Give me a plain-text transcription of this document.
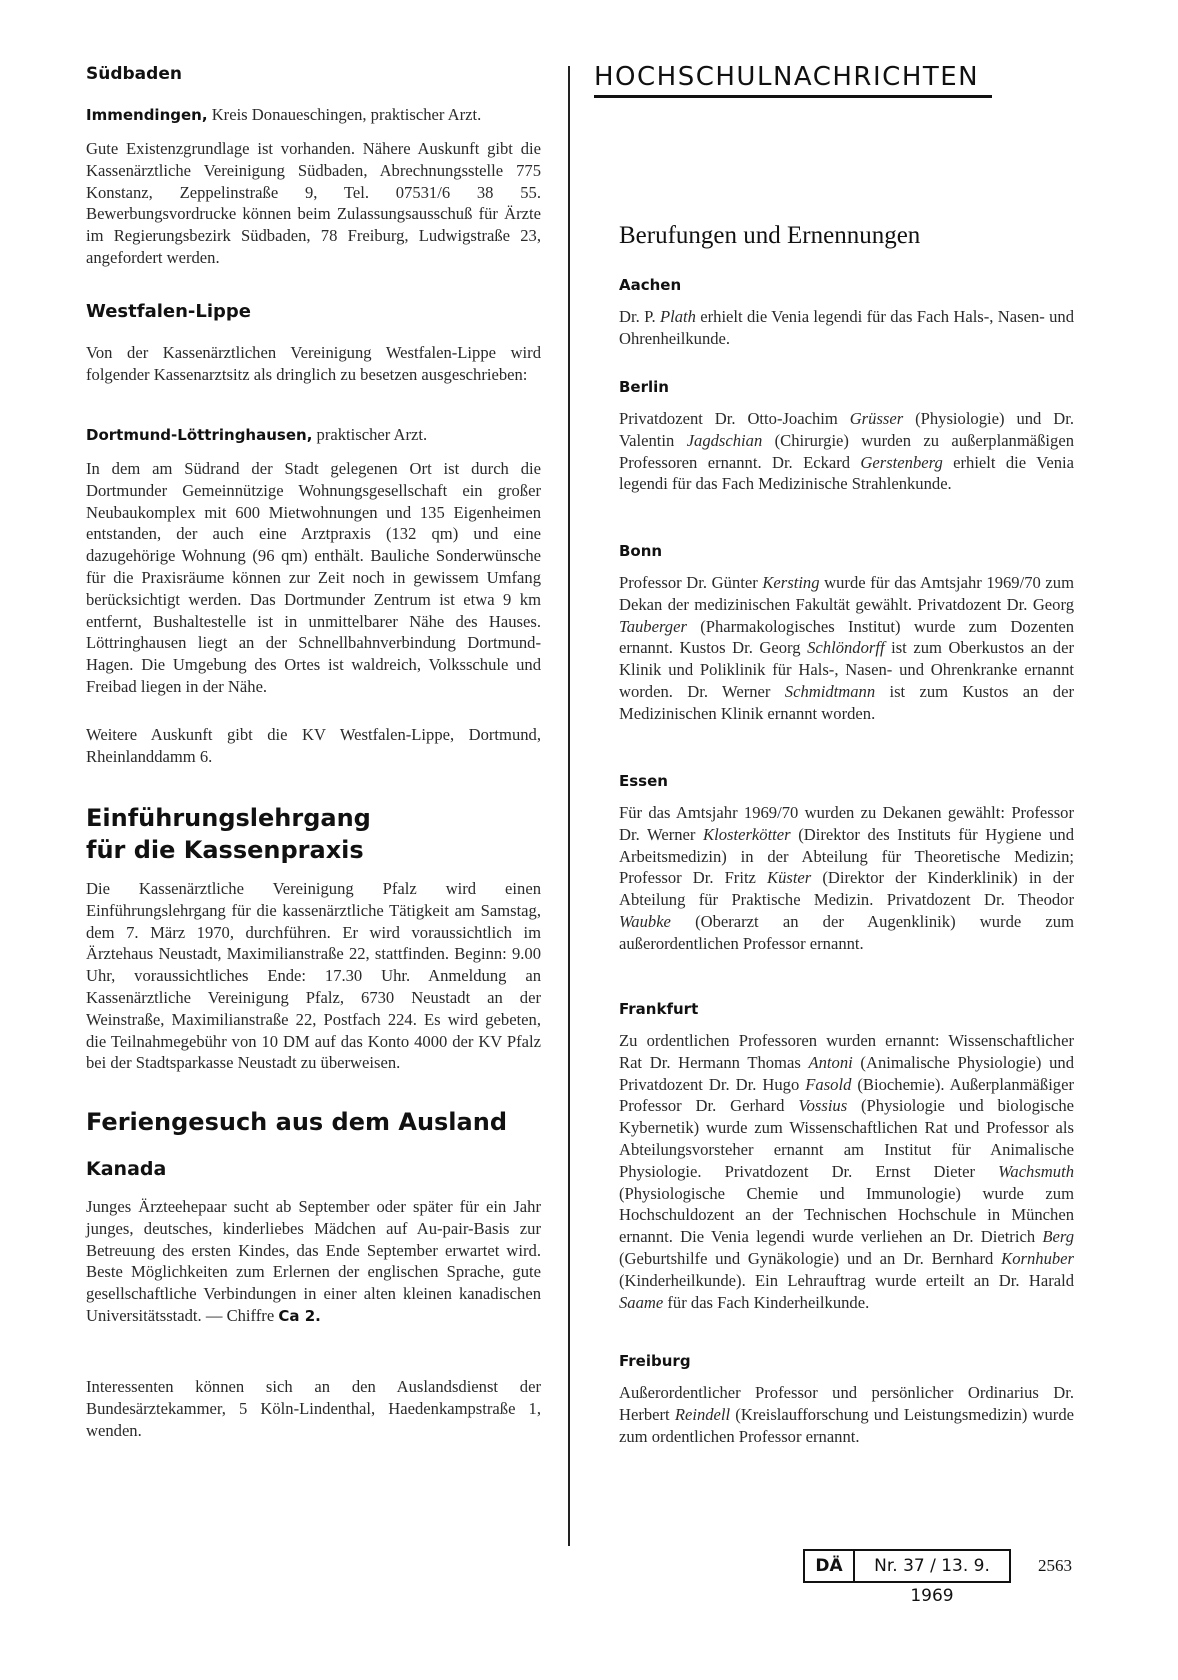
Südbaden
Immendingen, Kreis Donaueschingen, praktischer Arzt.
Gute Existenzgrundlage ist vorhanden. Nähere Auskunft gibt die Kassenärztliche Vereinigung Südbaden, Abrechnungsstelle 775 Konstanz, Zeppelinstraße 9, Tel. 07531/6 38 55. Bewerbungsvordrucke können beim Zulassungsausschuß für Ärzte im Regierungsbezirk Südbaden, 78 Freiburg, Ludwigstraße 23, angefordert werden.
Westfalen-Lippe
Von der Kassenärztlichen Vereinigung Westfalen-Lippe wird folgender Kassenarztsitz als dringlich zu besetzen ausgeschrieben:
Dortmund-Löttringhausen, praktischer Arzt.
In dem am Südrand der Stadt gelegenen Ort ist durch die Dortmunder Gemeinnützige Wohnungsgesellschaft ein großer Neubaukomplex mit 600 Mietwohnungen und 135 Eigenheimen entstanden, der auch eine Arztpraxis (132 qm) und eine dazugehörige Wohnung (96 qm) enthält. Bauliche Sonderwünsche für die Praxisräume können zur Zeit noch in gewissem Umfang berücksichtigt werden. Das Dortmunder Zentrum ist etwa 9 km entfernt, Bushaltestelle ist in unmittelbarer Nähe des Hauses. Löttringhausen liegt an der Schnellbahnverbindung Dortmund-Hagen. Die Umgebung des Ortes ist waldreich, Volksschule und Freibad liegen in der Nähe.
Weitere Auskunft gibt die KV Westfalen-Lippe, Dortmund, Rheinlanddamm 6.
Einführungslehrgang
für die Kassenpraxis
Die Kassenärztliche Vereinigung Pfalz wird einen Einführungslehrgang für die kassenärztliche Tätigkeit am Samstag, dem 7. März 1970, durchführen. Er wird voraussichtlich im Ärztehaus Neustadt, Maximilianstraße 22, stattfinden. Beginn: 9.00 Uhr, voraussichtliches Ende: 17.30 Uhr. Anmeldung an Kassenärztliche Vereinigung Pfalz, 6730 Neustadt an der Weinstraße, Maximilianstraße 22, Postfach 224. Es wird gebeten, die Teilnahmegebühr von 10 DM auf das Konto 4000 der KV Pfalz bei der Stadtsparkasse Neustadt zu überweisen.
Feriengesuch aus dem Ausland
Kanada
Junges Ärzteehepaar sucht ab September oder später für ein Jahr junges, deutsches, kinderliebes Mädchen auf Au-pair-Basis zur Betreuung des ersten Kindes, das Ende September erwartet wird. Beste Möglichkeiten zum Erlernen der englischen Sprache, gute gesellschaftliche Verbindungen in einer alten kleinen kanadischen Universitätsstadt. — Chiffre Ca 2.
Interessenten können sich an den Auslandsdienst der Bundesärztekammer, 5 Köln-Lindenthal, Haedenkampstraße 1, wenden.
HOCHSCHULNACHRICHTEN
Berufungen und Ernennungen
Aachen
Dr. P. Plath erhielt die Venia legendi für das Fach Hals-, Nasen- und Ohrenheilkunde.
Berlin
Privatdozent Dr. Otto-Joachim Grüsser (Physiologie) und Dr. Valentin Jagdschian (Chirurgie) wurden zu außerplanmäßigen Professoren ernannt. Dr. Eckard Gerstenberg erhielt die Venia legendi für das Fach Medizinische Strahlenkunde.
Bonn
Professor Dr. Günter Kersting wurde für das Amtsjahr 1969/70 zum Dekan der medizinischen Fakultät gewählt. Privatdozent Dr. Georg Tauberger (Pharmakologisches Institut) wurde zum Dozenten ernannt. Kustos Dr. Georg Schlöndorff ist zum Oberkustos an der Klinik und Poliklinik für Hals-, Nasen- und Ohrenkranke ernannt worden. Dr. Werner Schmidtmann ist zum Kustos an der Medizinischen Klinik ernannt worden.
Essen
Für das Amtsjahr 1969/70 wurden zu Dekanen gewählt: Professor Dr. Werner Klosterkötter (Direktor des Instituts für Hygiene und Arbeitsmedizin) in der Abteilung für Theoretische Medizin; Professor Dr. Fritz Küster (Direktor der Kinderklinik) in der Abteilung für Praktische Medizin. Privatdozent Dr. Theodor Waubke (Oberarzt an der Augenklinik) wurde zum außerordentlichen Professor ernannt.
Frankfurt
Zu ordentlichen Professoren wurden ernannt: Wissenschaftlicher Rat Dr. Hermann Thomas Antoni (Animalische Physiologie) und Privatdozent Dr. Dr. Hugo Fasold (Biochemie). Außerplanmäßiger Professor Dr. Gerhard Vossius (Physiologie und biologische Kybernetik) wurde zum Wissenschaftlichen Rat und Professor als Abteilungsvorsteher ernannt am Institut für Animalische Physiologie. Privatdozent Dr. Ernst Dieter Wachsmuth (Physiologische Chemie und Immunologie) wurde zum Hochschuldozent an der Technischen Hochschule in München ernannt. Die Venia legendi wurde verliehen an Dr. Dietrich Berg (Geburtshilfe und Gynäkologie) und an Dr. Bernhard Kornhuber (Kinderheilkunde). Ein Lehrauftrag wurde erteilt an Dr. Harald Saame für das Fach Kinderheilkunde.
Freiburg
Außerordentlicher Professor und persönlicher Ordinarius Dr. Herbert Reindell (Kreislaufforschung und Leistungsmedizin) wurde zum ordentlichen Professor ernannt.
DÄ	Nr. 37 / 13. 9. 1969
2563
